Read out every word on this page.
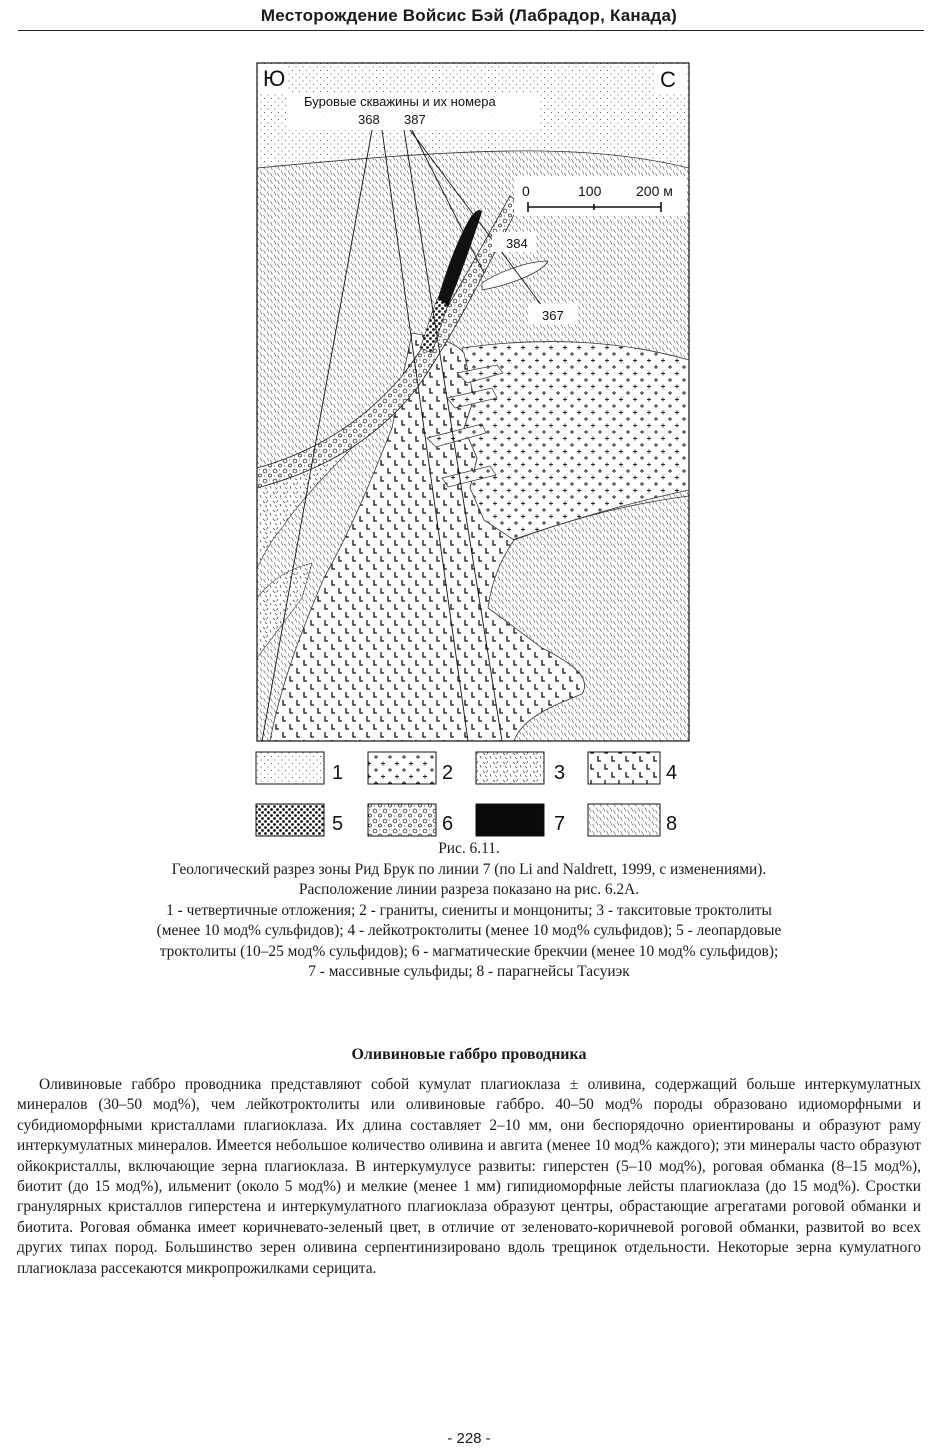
Месторождение Войсис Бэй (Лабрадор, Канада)
Ю	С
Буровые скважины и их номера
368 387
384
367
0	100 200 м
1	2	3	4
5	6	7	8
Рис. 6.11.
Геологический разрез зоны Рид Брук по линии 7 (по Li and Naldrett, 1999, с изменениями).
Расположение линии разреза показано на рис. 6.2А.
1 - четвертичные отложения; 2 - граниты, сиениты и монцониты; 3 - такситовые троктолиты
(менее 10 мод% сульфидов); 4 - лейкотроктолиты (менее 10 мод% сульфидов); 5 - леопардовые
троктолиты (10–25 мод% сульфидов); 6 - магматические брекчии (менее 10 мод% сульфидов);
7 - массивные сульфиды; 8 - парагнейсы Тасуиэк
Оливиновые габбро проводника
Оливиновые габбро проводника представляют собой кумулат плагиоклаза ± оливина, содержащий больше интеркумулатных минералов (30–50 мод%), чем лейкотроктолиты или оливиновые габбро. 40–50 мод% породы образовано идиоморфными и субидиоморфными кристаллами плагиоклаза. Их длина составляет 2–10 мм, они беспорядочно ориентированы и образуют раму интеркумулатных минералов. Имеется небольшое количество оливина и авгита (менее 10 мод% каждого); эти минералы часто образуют ойкокристаллы, включающие зерна плагиоклаза. В интеркумулусе развиты: гиперстен (5–10 мод%), роговая обманка (8–15 мод%), биотит (до 15 мод%), ильменит (около 5 мод%) и мелкие (менее 1 мм) гипидиоморфные лейсты плагиоклаза (до 15 мод%). Сростки гранулярных кристаллов гиперстена и интеркумулатного плагиоклаза образуют центры, обрастающие агрегатами роговой обманки и биотита. Роговая обманка имеет коричневато-зеленый цвет, в отличие от зеленовато-коричневой роговой обманки, развитой во всех других типах пород. Большинство зерен оливина серпентинизировано вдоль трещинок отдельности. Некоторые зерна кумулатного плагиоклаза рассекаются микропрожилками серицита.
- 228 -
